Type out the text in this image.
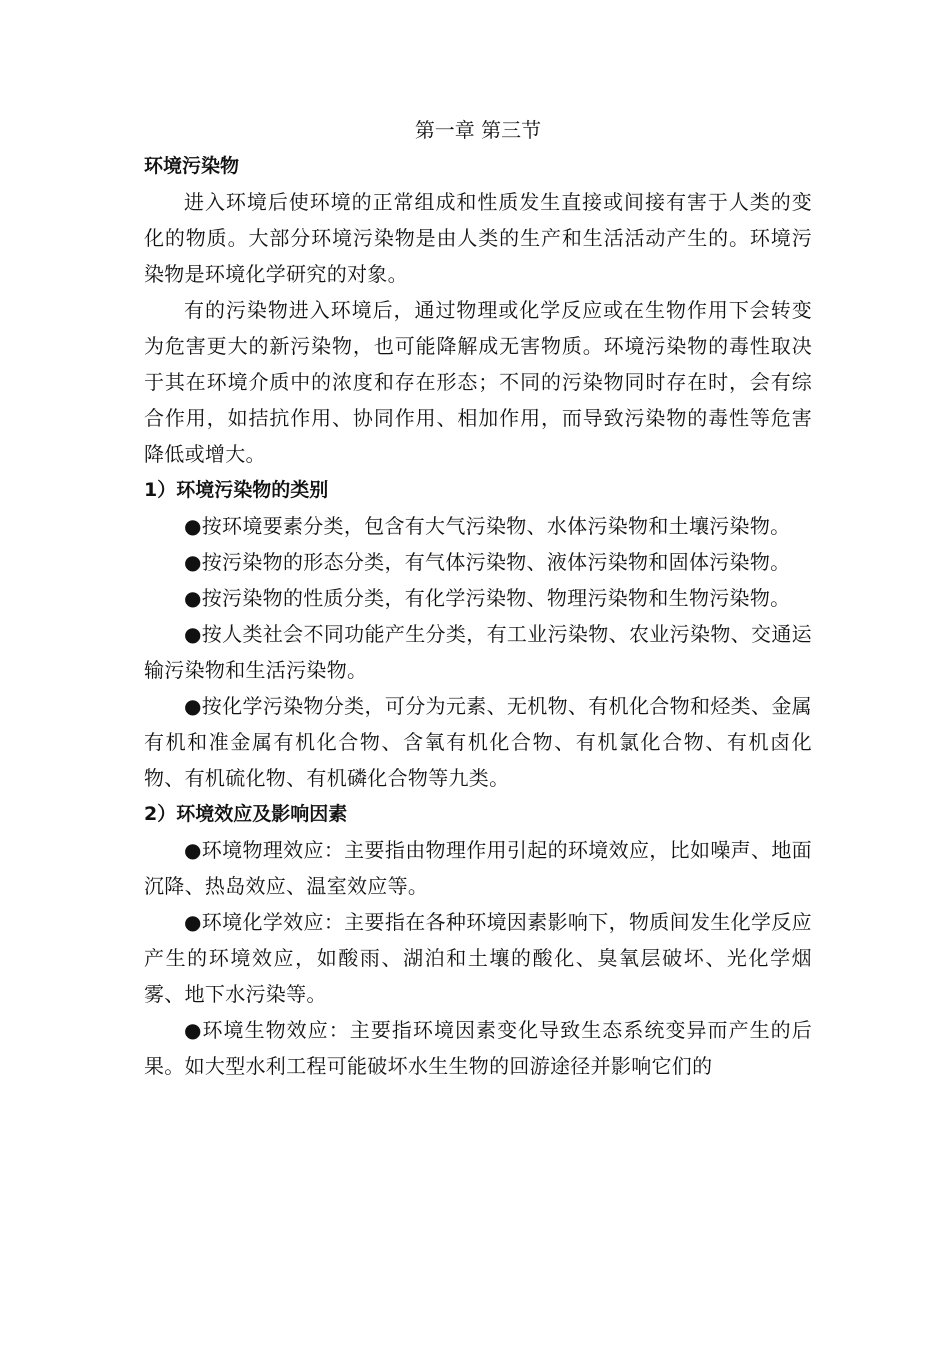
第一章 第三节
环境污染物

进入环境后使环境的正常组成和性质发生直接或间接有害于人类的变化的物质。大部分环境污染物是由人类的生产和生活活动产生的。环境污染物是环境化学研究的对象。

有的污染物进入环境后，通过物理或化学反应或在生物作用下会转变为危害更大的新污染物，也可能降解成无害物质。环境污染物的毒性取决于其在环境介质中的浓度和存在形态；不同的污染物同时存在时，会有综合作用，如拮抗作用、协同作用、相加作用，而导致污染物的毒性等危害降低或增大。

1）环境污染物的类别

●按环境要素分类，包含有大气污染物、水体污染物和土壤污染物。

●按污染物的形态分类，有气体污染物、液体污染物和固体污染物。

●按污染物的性质分类，有化学污染物、物理污染物和生物污染物。

●按人类社会不同功能产生分类，有工业污染物、农业污染物、交通运输污染物和生活污染物。

●按化学污染物分类，可分为元素、无机物、有机化合物和烃类、金属有机和准金属有机化合物、含氧有机化合物、有机氯化合物、有机卤化物、有机硫化物、有机磷化合物等九类。

2）环境效应及影响因素

●环境物理效应：主要指由物理作用引起的环境效应，比如噪声、地面沉降、热岛效应、温室效应等。

●环境化学效应：主要指在各种环境因素影响下，物质间发生化学反应产生的环境效应，如酸雨、湖泊和土壤的酸化、臭氧层破坏、光化学烟雾、地下水污染等。

●环境生物效应：主要指环境因素变化导致生态系统变异而产生的后果。如大型水利工程可能破坏水生生物的回游途径并影响它们的
